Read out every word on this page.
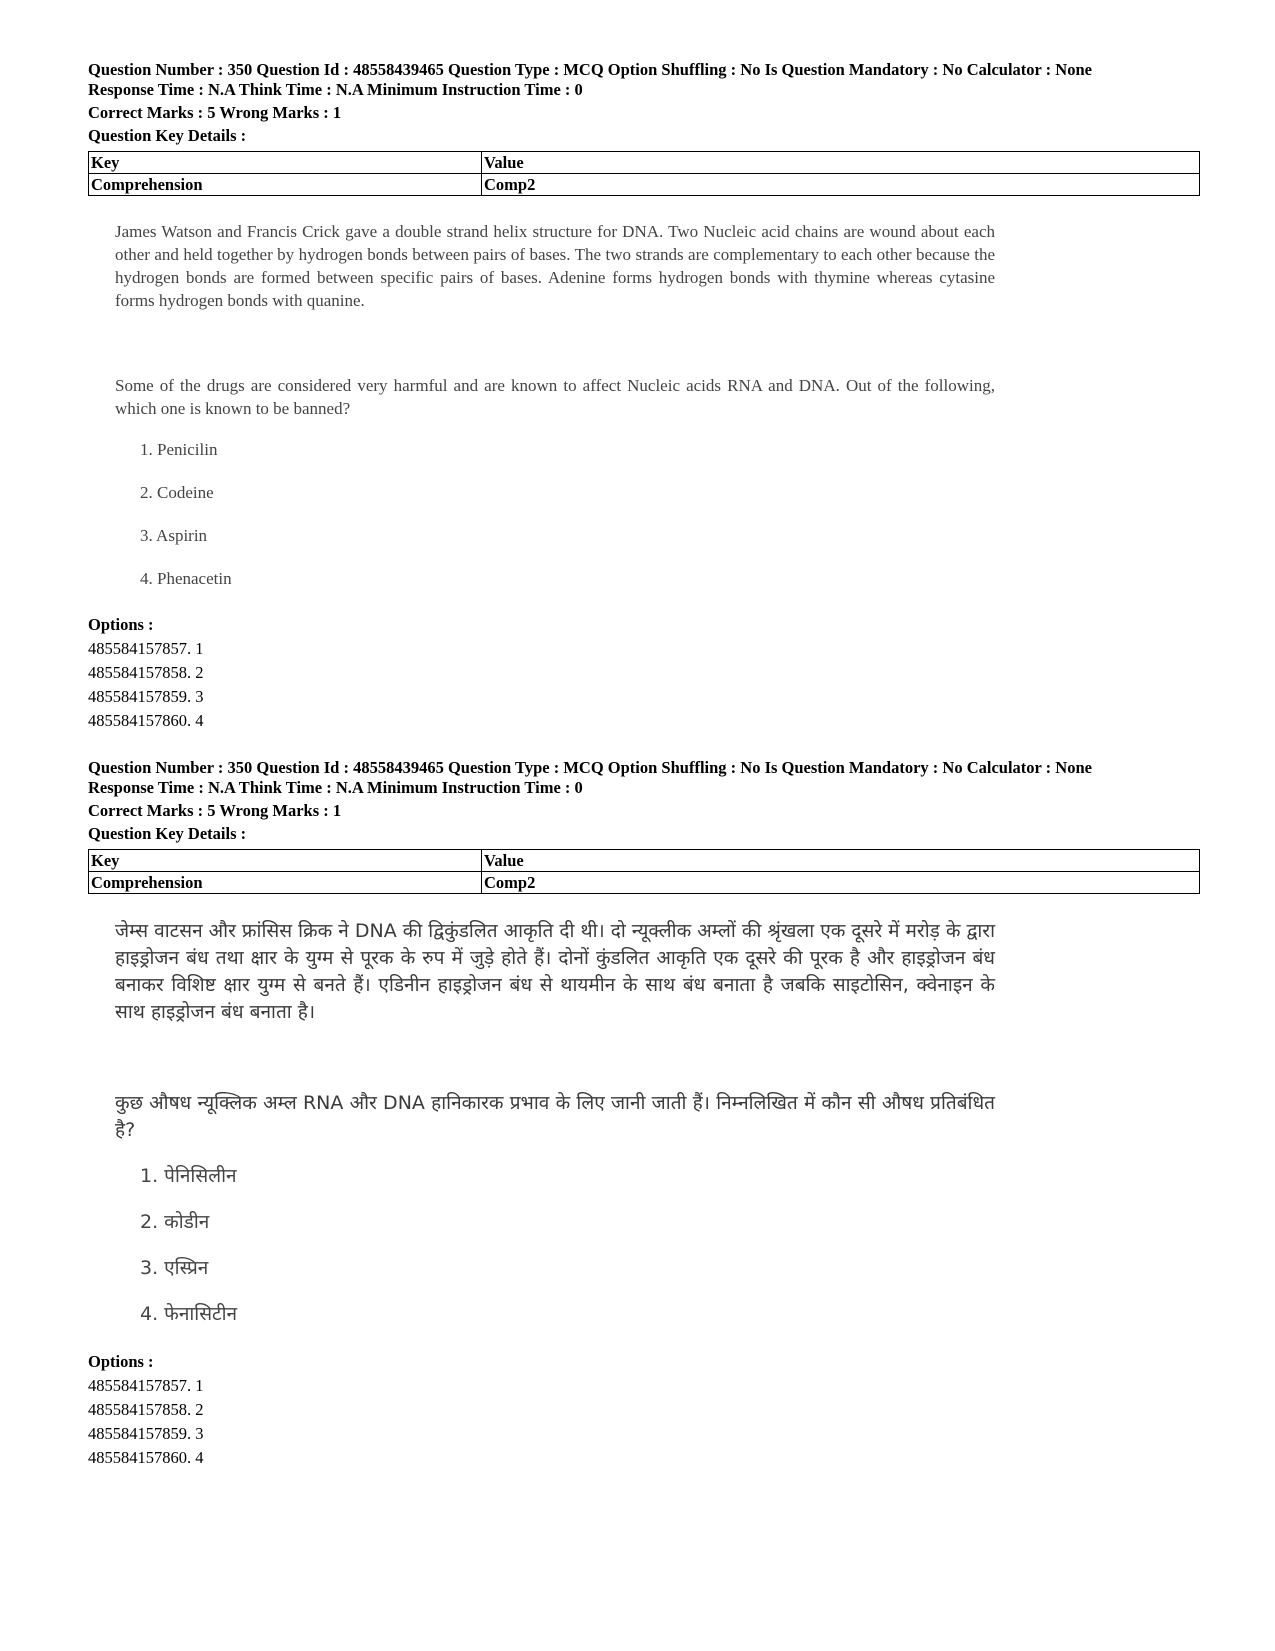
Question Number : 350 Question Id : 48558439465 Question Type : MCQ Option Shuffling : No Is Question Mandatory : No Calculator : None

Response Time : N.A Think Time : N.A Minimum Instruction Time : 0

Correct Marks : 5 Wrong Marks : 1

Question Key Details :

Key	Value
Comprehension	Comp2

James Watson and Francis Crick gave a double strand helix structure for DNA. Two Nucleic acid chains are wound about each other and held together by hydrogen bonds between pairs of bases. The two strands are complementary to each other because the hydrogen bonds are formed between specific pairs of bases. Adenine forms hydrogen bonds with thymine whereas cytasine forms hydrogen bonds with quanine.

Some of the drugs are considered very harmful and are known to affect Nucleic acids RNA and DNA. Out of the following, which one is known to be banned?

1. Penicilin
2. Codeine
3. Aspirin
4. Phenacetin
Options :
485584157857. 1
485584157858. 2
485584157859. 3
485584157860. 4

Question Number : 350 Question Id : 48558439465 Question Type : MCQ Option Shuffling : No Is Question Mandatory : No Calculator : None

Response Time : N.A Think Time : N.A Minimum Instruction Time : 0

Correct Marks : 5 Wrong Marks : 1

Question Key Details :

Key	Value
Comprehension	Comp2

जेम्स वाटसन और फ्रांसिस क्रिक ने DNA की द्विकुंडलित आकृति दी थी। दो न्यूक्लीक अम्लों की श्रृंखला एक दूसरे में मरोड़ के द्वारा हाइड्रोजन बंध तथा क्षार के युग्म से पूरक के रुप में जुड़े होते हैं। दोनों कुंडलित आकृति एक दूसरे की पूरक है और हाइड्रोजन बंध बनाकर विशिष्ट क्षार युग्म से बनते हैं। एडिनीन हाइड्रोजन बंध से थायमीन के साथ बंध बनाता है जबकि साइटोसिन, क्वेनाइन के साथ हाइड्रोजन बंध बनाता है।

कुछ औषध न्यूक्लिक अम्ल RNA और DNA हानिकारक प्रभाव के लिए जानी जाती हैं। निम्नलिखित में कौन सी औषध प्रतिबंधित है?

1. पेनिसिलीन
2. कोडीन
3. एस्प्रिन
4. फेनासिटीन
Options :
485584157857. 1
485584157858. 2
485584157859. 3
485584157860. 4
